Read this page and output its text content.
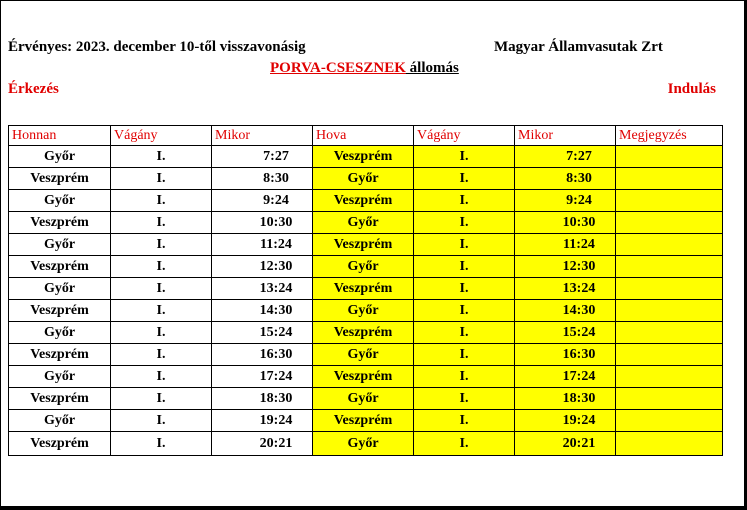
Érvényes: 2023. december 10-től visszavonásig	Magyar Államvasutak Zrt
PORVA-CSESZNEK állomás
Érkezés	Indulás
Honnan	Vágány	Mikor	Hova	Vágány	Mikor	Megjegyzés
Győr	I.	7:27	Veszprém	I.	7:27	
Veszprém	I.	8:30	Győr	I.	8:30	
Győr	I.	9:24	Veszprém	I.	9:24	
Veszprém	I.	10:30	Győr	I.	10:30	
Győr	I.	11:24	Veszprém	I.	11:24	
Veszprém	I.	12:30	Győr	I.	12:30	
Győr	I.	13:24	Veszprém	I.	13:24	
Veszprém	I.	14:30	Győr	I.	14:30	
Győr	I.	15:24	Veszprém	I.	15:24	
Veszprém	I.	16:30	Győr	I.	16:30	
Győr	I.	17:24	Veszprém	I.	17:24	
Veszprém	I.	18:30	Győr	I.	18:30	
Győr	I.	19:24	Veszprém	I.	19:24	
Veszprém	I.	20:21	Győr	I.	20:21	
